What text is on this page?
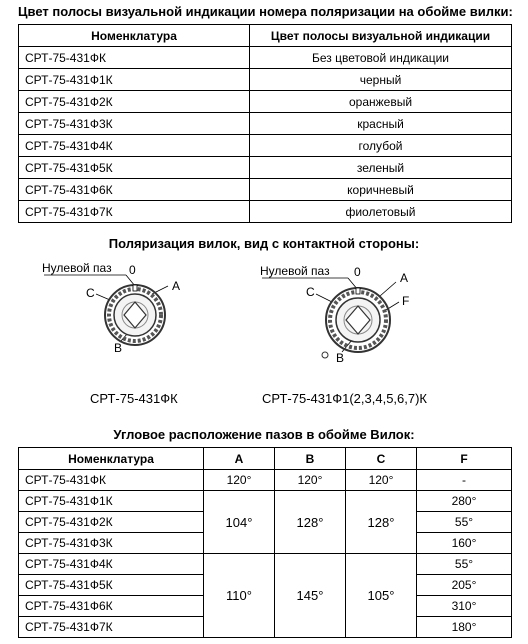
Цвет полосы визуальной индикации номера поляризации на обойме вилки:
Номенклатура	Цвет полосы визуальной индикации
СРТ-75-431ФК	Без цветовой индикации
СРТ-75-431Ф1К	черный
СРТ-75-431Ф2К	оранжевый
СРТ-75-431Ф3К	красный
СРТ-75-431Ф4К	голубой
СРТ-75-431Ф5К	зеленый
СРТ-75-431Ф6К	коричневый
СРТ-75-431Ф7К	фиолетовый
Поляризация вилок, вид с контактной стороны:
Нулевой паз 0
A
C
B
Нулевой паз 0	A
F
C
B
СРТ-75-431ФК	СРТ-75-431Ф1(2,3,4,5,6,7)К
Угловое расположение пазов в обойме Вилок:
Номенклатура	A	B	C	F
СРТ-75-431ФК	120°	120°	120°	-
СРТ-75-431Ф1К	104°	128°	128°	280°
СРТ-75-431Ф2К				55°
СРТ-75-431Ф3К				160°
СРТ-75-431Ф4К	110°	145°	105°	55°
СРТ-75-431Ф5К				205°
СРТ-75-431Ф6К				310°
СРТ-75-431Ф7К				180°
